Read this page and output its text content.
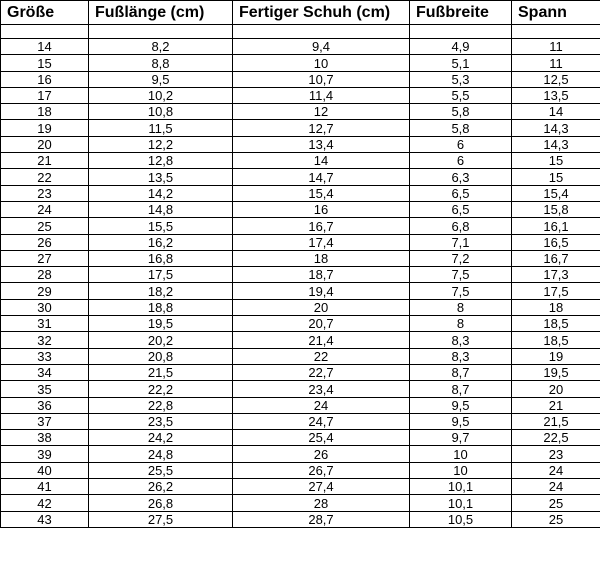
Größe	Fußlänge (cm)	Fertiger Schuh (cm)	Fußbreite	Spann

14	8,2	9,4	4,9	11
15	8,8	10	5,1	11
16	9,5	10,7	5,3	12,5
17	10,2	11,4	5,5	13,5
18	10,8	12	5,8	14
19	11,5	12,7	5,8	14,3
20	12,2	13,4	6	14,3
21	12,8	14	6	15
22	13,5	14,7	6,3	15
23	14,2	15,4	6,5	15,4
24	14,8	16	6,5	15,8
25	15,5	16,7	6,8	16,1
26	16,2	17,4	7,1	16,5
27	16,8	18	7,2	16,7
28	17,5	18,7	7,5	17,3
29	18,2	19,4	7,5	17,5
30	18,8	20	8	18
31	19,5	20,7	8	18,5
32	20,2	21,4	8,3	18,5
33	20,8	22	8,3	19
34	21,5	22,7	8,7	19,5
35	22,2	23,4	8,7	20
36	22,8	24	9,5	21
37	23,5	24,7	9,5	21,5
38	24,2	25,4	9,7	22,5
39	24,8	26	10	23
40	25,5	26,7	10	24
41	26,2	27,4	10,1	24
42	26,8	28	10,1	25
43	27,5	28,7	10,5	25
